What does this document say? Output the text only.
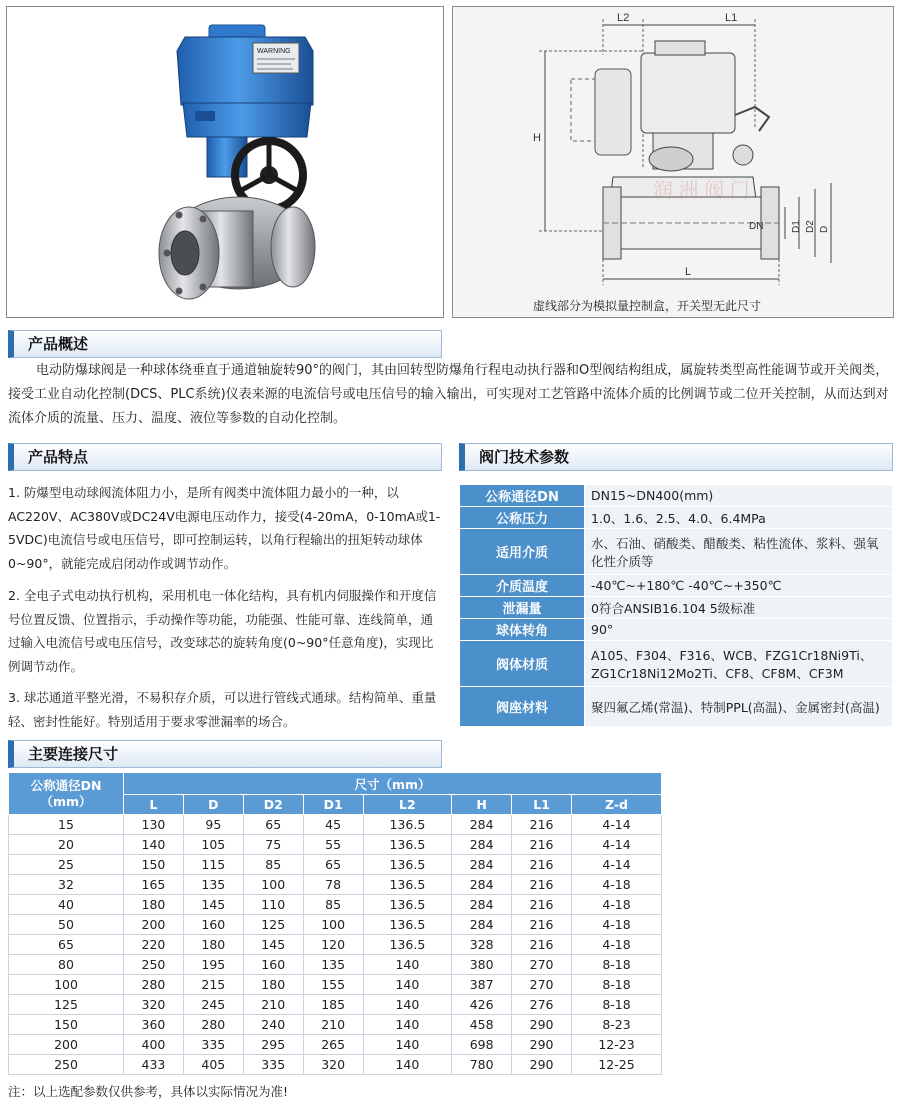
WARNING
L2	L1
H
润 洲 阀 门
DN	D1 D2 D
L
虚线部分为模拟量控制盒，开关型无此尺寸
产品概述
电动防爆球阀是一种球体绕垂直于通道轴旋转90°的阀门，其由回转型防爆角行程电动执行器和O型阀结构组成，属旋转类型高性能调节或开关阀类，接受工业自动化控制(DCS、PLC系统)仪表来源的电流信号或电压信号的输入输出，可实现对工艺管路中流体介质的比例调节或二位开关控制，从而达到对流体介质的流量、压力、温度、液位等参数的自动化控制。
产品特点
1. 防爆型电动球阀流体阻力小，是所有阀类中流体阻力最小的一种，以AC220V、AC380V或DC24V电源电压动作力，接受(4-20mA，0-10mA或1-5VDC)电流信号或电压信号，即可控制运转，以角行程输出的扭矩转动球体0~90°，就能完成启闭动作或调节动作。
2. 全电子式电动执行机构，采用机电一体化结构，具有机内伺服操作和开度信号位置反馈、位置指示，手动操作等功能，功能强、性能可靠、连线简单，通过输入电流信号或电压信号，改变球芯的旋转角度(0~90°任意角度)，实现比例调节动作。
3. 球芯通道平整光滑，不易积存介质，可以进行管线式通球。结构简单、重量轻、密封性能好。特别适用于要求零泄漏率的场合。
阀门技术参数
公称通径DN	DN15~DN400(mm)
公称压力	1.0、1.6、2.5、4.0、6.4MPa
适用介质	水、石油、硝酸类、醋酸类、粘性流体、浆料、强氧化性介质等
介质温度	-40℃~+180℃ -40℃~+350℃
泄漏量	0符合ANSIB16.104 5级标准
球体转角	90°
阀体材质	A105、F304、F316、WCB、FZG1Cr18Ni9Ti、ZG1Cr18Ni12Mo2Ti、CF8、CF8M、CF3M
阀座材料	聚四氟乙烯(常温)、特制PPL(高温)、金属密封(高温)
主要连接尺寸
公称通径DN（mm）	尺寸（mm）							
	L	D	D2	D1	L2	H	L1	Z-d
15	130	95	65	45	136.5	284	216	4-14
20	140	105	75	55	136.5	284	216	4-14
25	150	115	85	65	136.5	284	216	4-14
32	165	135	100	78	136.5	284	216	4-18
40	180	145	110	85	136.5	284	216	4-18
50	200	160	125	100	136.5	284	216	4-18
65	220	180	145	120	136.5	328	216	4-18
80	250	195	160	135	140	380	270	8-18
100	280	215	180	155	140	387	270	8-18
125	320	245	210	185	140	426	276	8-18
150	360	280	240	210	140	458	290	8-23
200	400	335	295	265	140	698	290	12-23
250	433	405	335	320	140	780	290	12-25
注：以上选配参数仅供参考，具体以实际情况为准!
